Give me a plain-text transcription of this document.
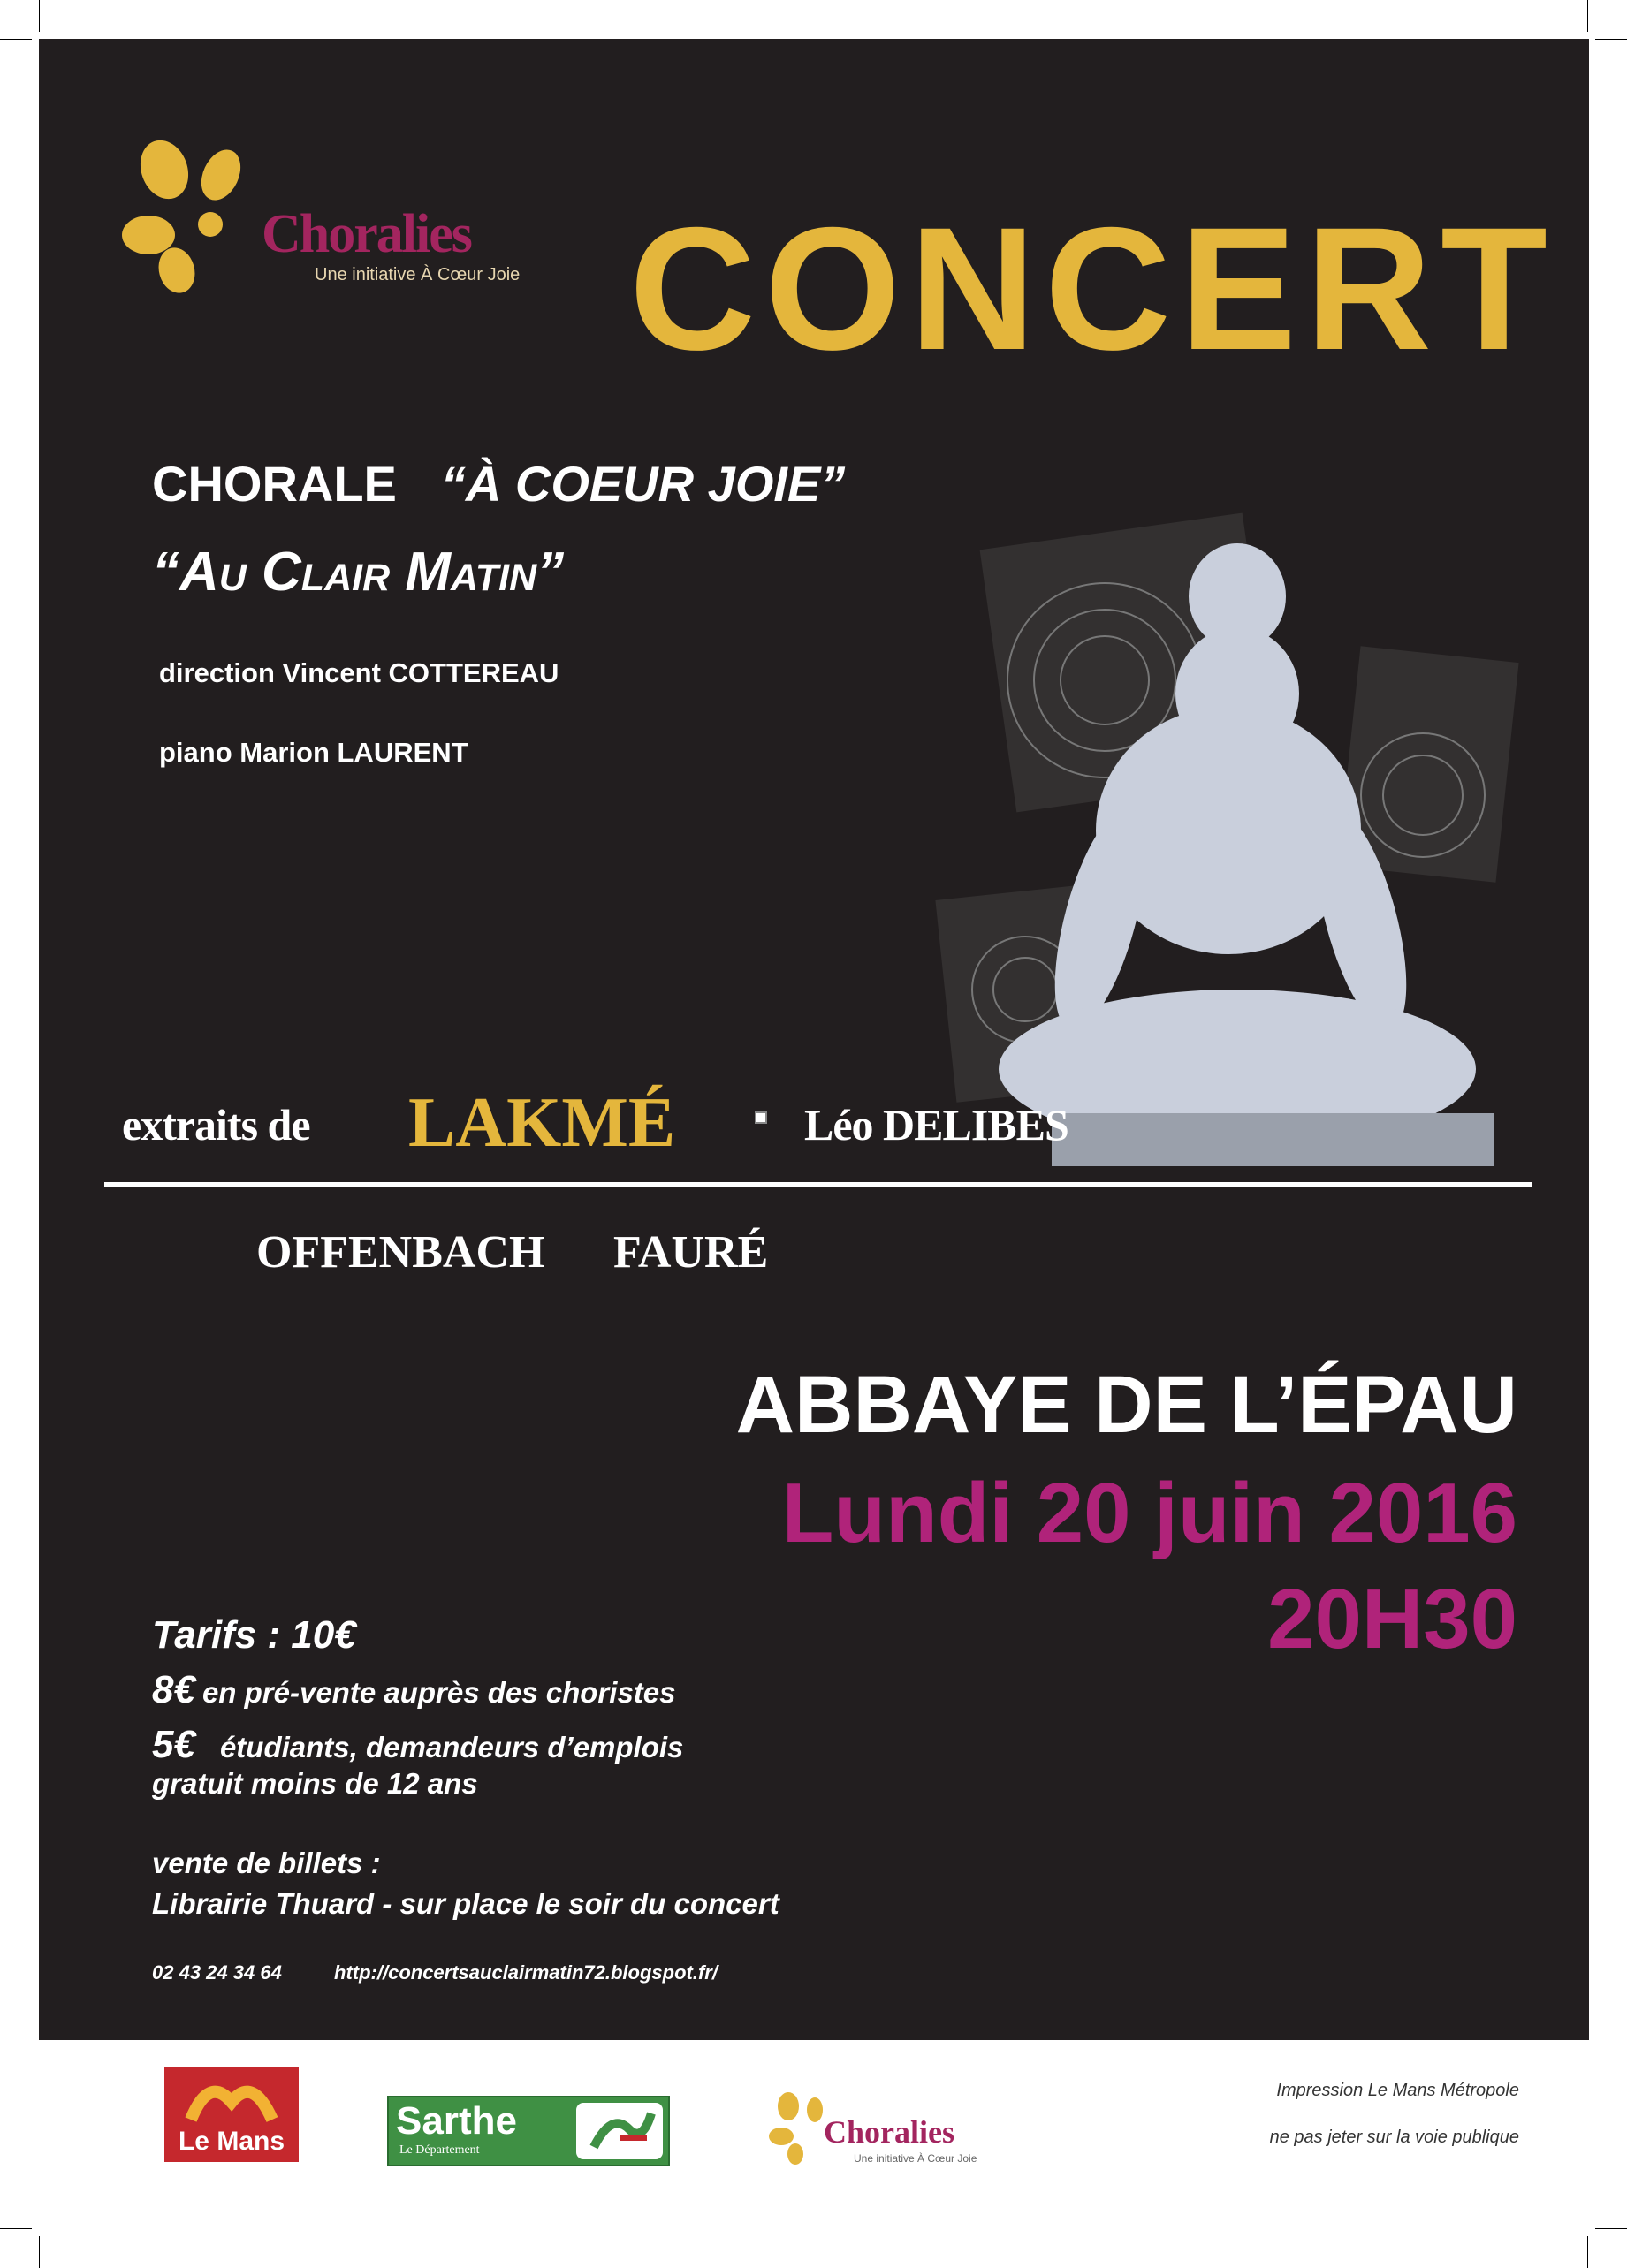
Choralies
Une initiative À Cœur Joie CONCERT
CHORALE “À COEUR JOIE”
“Au Clair Matin”
direction Vincent COTTEREAU
piano Marion LAURENT
extraits de LAKMÉ	Léo DELIBES
OFFENBACH FAURÉ
ABBAYE DE L’ÉPAU
Lundi 20 juin 2016
20H30
Tarifs : 10€
8€ en pré-vente auprès des choristes
5€ étudiants, demandeurs d’emplois
gratuit moins de 12 ans
vente de billets :
Librairie Thuard - sur place le soir du concert
02 43 24 34 64	http://concertsauclairmatin72.blogspot.fr/
Le Mans	Sarthe
Le Département
Choralies
Une initiative À Cœur Joie
Impression Le Mans Métropole
ne pas jeter sur la voie publique
